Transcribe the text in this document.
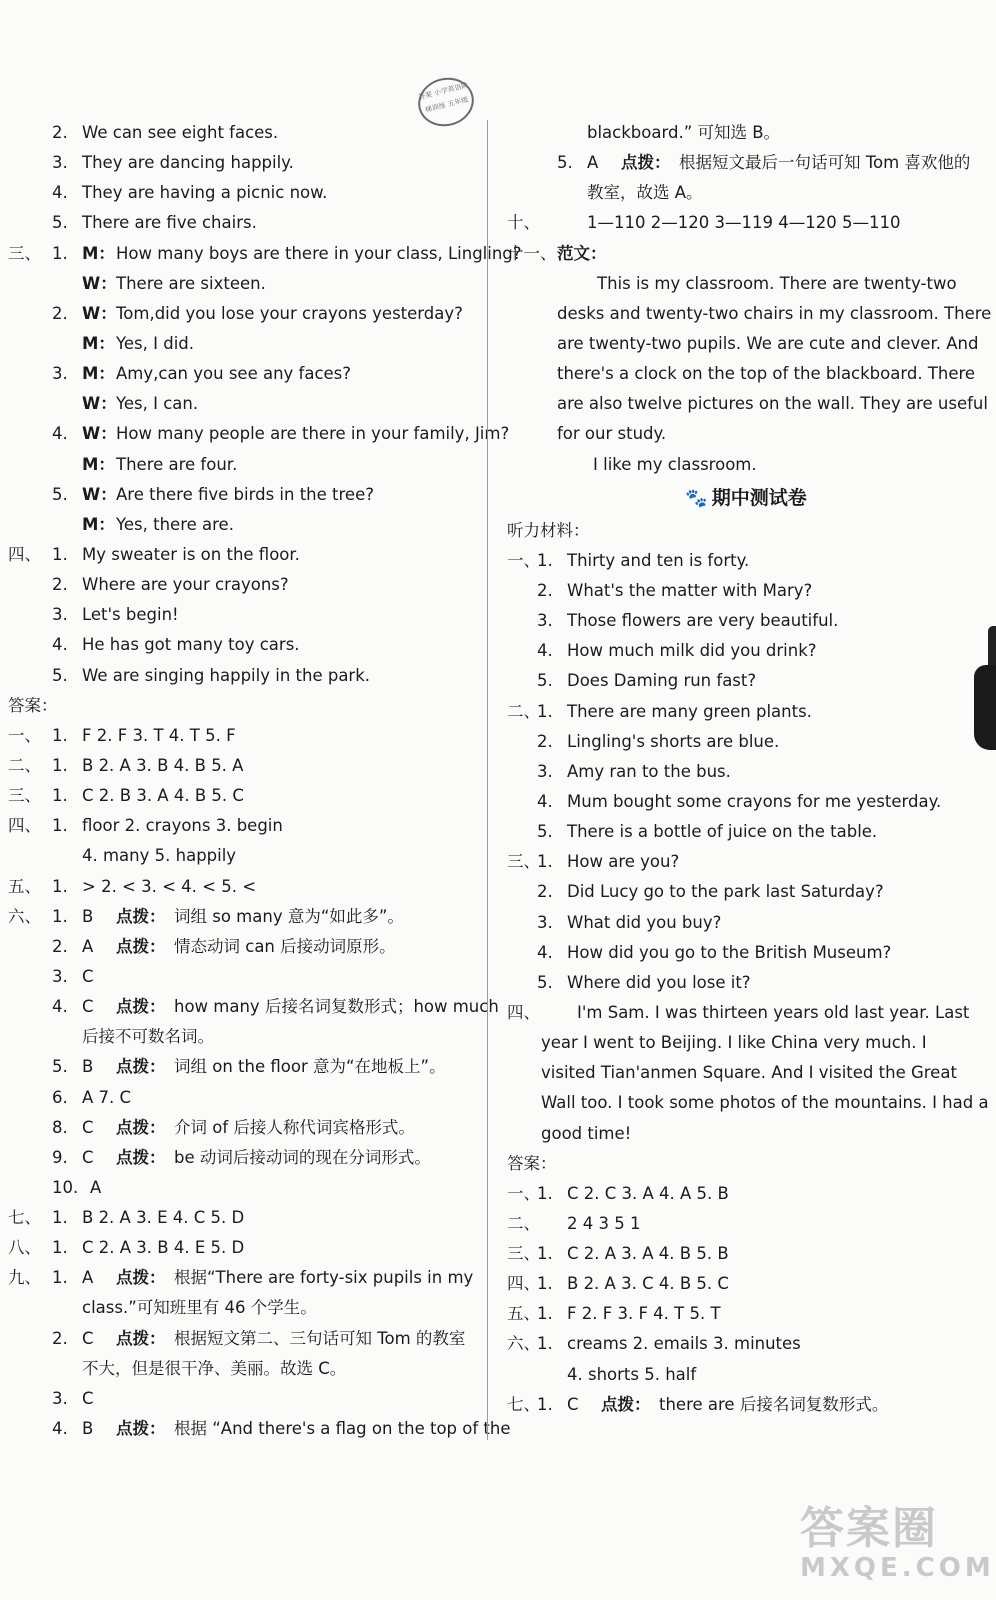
答案 小学英语阶梯训练 五年级
2. We can see eight faces.
3. They are dancing happily.
4. They are having a picnic now.
5. There are five chairs.
三、 1. M：How many boys are there in your class, Lingling?
W：There are sixteen.
2. W：Tom,did you lose your crayons yesterday?
M：Yes, I did.
3. M：Amy,can you see any faces?
W：Yes, I can.
4. W：How many people are there in your family, Jim?
M：There are four.
5. W：Are there five birds in the tree?
M：Yes, there are.
四、 1. My sweater is on the floor.
2. Where are your crayons?
3. Let's begin!
4. He has got many toy cars.
5. We are singing happily in the park.
答案：
一、 1. F 2. F 3. T 4. T 5. F
二、 1. B 2. A 3. B 4. B 5. A
三、 1. C 2. B 3. A 4. B 5. C
四、 1. floor 2. crayons 3. begin
4. many 5. happily
五、 1. > 2. < 3. < 4. < 5. <
六、 1. B 点拨： 词组 so many 意为“如此多”。
2. A 点拨： 情态动词 can 后接动词原形。
3. C
4. C 点拨： how many 后接名词复数形式；how much
后接不可数名词。
5. B 点拨： 词组 on the floor 意为“在地板上”。
6. A 7. C
8. C 点拨： 介词 of 后接人称代词宾格形式。
9. C 点拨： be 动词后接动词的现在分词形式。
10. A
七、 1. B 2. A 3. E 4. C 5. D
八、 1. C 2. A 3. B 4. E 5. D
九、 1. A 点拨： 根据“There are forty-six pupils in my
class.”可知班里有 46 个学生。
2. C 点拨： 根据短文第二、三句话可知 Tom 的教室
不大，但是很干净、美丽。故选 C。
3. C
4. B 点拨： 根据 “And there's a flag on the top of the
blackboard.” 可知选 B。
5. A 点拨： 根据短文最后一句话可知 Tom 喜欢他的
教室，故选 A。
十、	1—110 2—120 3—119 4—120 5—110
十一、范文：
This is my classroom. There are twenty-two
desks and twenty-two chairs in my classroom. There
are twenty-two pupils. We are cute and clever. And
there's a clock on the top of the blackboard. There
are also twelve pictures on the wall. They are useful
for our study.
I like my classroom.
🐾 期中测试卷
听力材料：
一、1. Thirty and ten is forty.
2. What's the matter with Mary?
3. Those flowers are very beautiful.
4. How much milk did you drink?
5. Does Daming run fast?
二、1. There are many green plants.
2. Lingling's shorts are blue.
3. Amy ran to the bus.
4. Mum bought some crayons for me yesterday.
5. There is a bottle of juice on the table.
三、1. How are you?
2. Did Lucy go to the park last Saturday?
3. What did you buy?
4. How did you go to the British Museum?
5. Where did you lose it?
四、 I'm Sam. I was thirteen years old last year. Last
year I went to Beijing. I like China very much. I
visited Tian'anmen Square. And I visited the Great
Wall too. I took some photos of the mountains. I had a
good time!
答案：
一、1. C 2. C 3. A 4. A 5. B
二、 2 4 3 5 1
三、1. C 2. A 3. A 4. B 5. B
四、1. B 2. A 3. C 4. B 5. C
五、1. F 2. F 3. F 4. T 5. T
六、1. creams 2. emails 3. minutes
4. shorts 5. half
七、1. C 点拨： there are 后接名词复数形式。
答案圈
MXQE.COM
